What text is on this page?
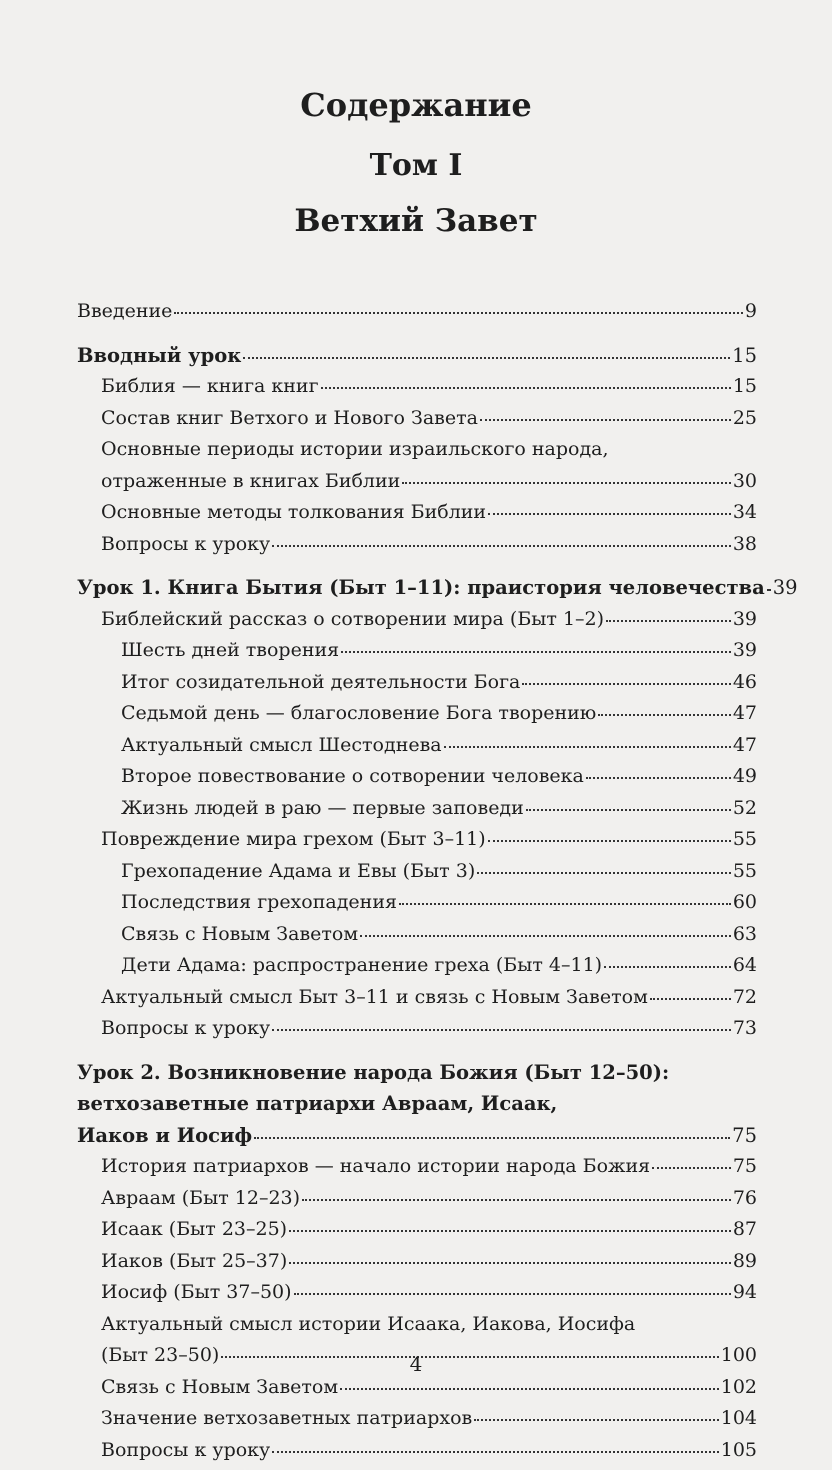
Содержание
Том I
Ветхий Завет
Введение	9
Вводный урок	15
Библия — книга книг	15
Состав книг Ветхого и Нового Завета	25
Основные периоды истории израильского народа,
отраженные в книгах Библии	30
Основные методы толкования Библии	34
Вопросы к уроку	38
Урок 1. Книга Бытия (Быт 1–11): праистория человечества 39
Библейский рассказ о сотворении мира (Быт 1–2)	39
Шесть дней творения	39
Итог созидательной деятельности Бога	46
Седьмой день — благословение Бога творению	47
Актуальный смысл Шестоднева	47
Второе повествование о сотворении человека	49
Жизнь людей в раю — первые заповеди	52
Повреждение мира грехом (Быт 3–11)	55
Грехопадение Адама и Евы (Быт 3)	55
Последствия грехопадения	60
Связь с Новым Заветом	63
Дети Адама: распространение греха (Быт 4–11)	64
Актуальный смысл Быт 3–11 и связь с Новым Заветом	72
Вопросы к уроку	73
Урок 2. Возникновение народа Божия (Быт 12–50):
ветхозаветные патриархи Авраам, Исаак,
Иаков и Иосиф	75
История патриархов — начало истории народа Божия	75
Авраам (Быт 12–23)	76
Исаак (Быт 23–25)	87
Иаков (Быт 25–37)	89
Иосиф (Быт 37–50)	94
Актуальный смысл истории Исаака, Иакова, Иосифа
(Быт 23–50)	100
Связь с Новым Заветом	102
Значение ветхозаветных патриархов	104
Вопросы к уроку	105
4
